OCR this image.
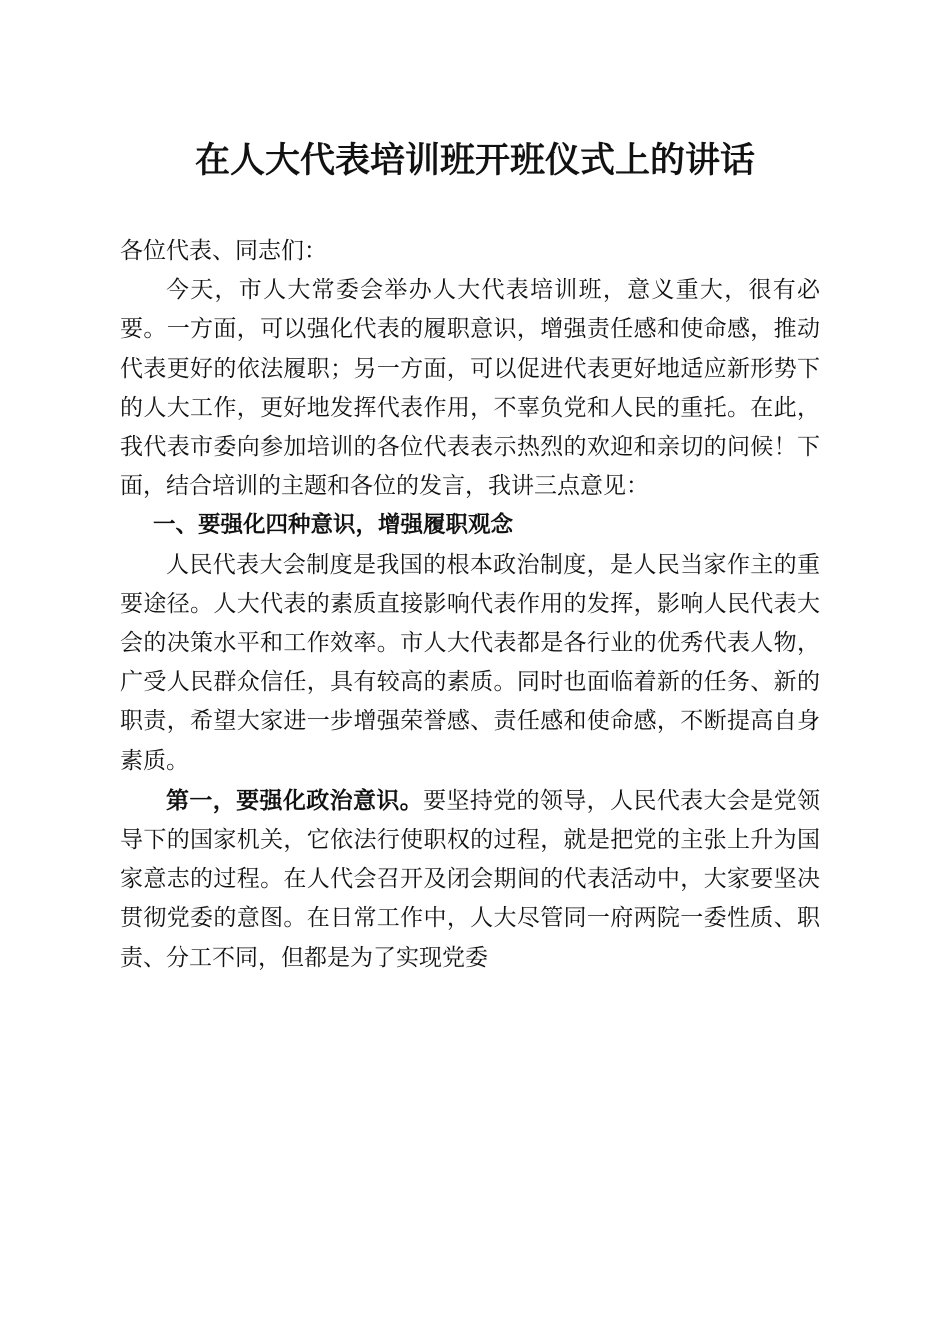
在人大代表培训班开班仪式上的讲话

各位代表、同志们：

今天，市人大常委会举办人大代表培训班，意义重大，很有必要。一方面，可以强化代表的履职意识，增强责任感和使命感，推动代表更好的依法履职；另一方面，可以促进代表更好地适应新形势下的人大工作，更好地发挥代表作用，不辜负党和人民的重托。在此，我代表市委向参加培训的各位代表表示热烈的欢迎和亲切的问候！下面，结合培训的主题和各位的发言，我讲三点意见：

一、要强化四种意识，增强履职观念

人民代表大会制度是我国的根本政治制度，是人民当家作主的重要途径。人大代表的素质直接影响代表作用的发挥，影响人民代表大会的决策水平和工作效率。市人大代表都是各行业的优秀代表人物，广受人民群众信任，具有较高的素质。同时也面临着新的任务、新的职责，希望大家进一步增强荣誉感、责任感和使命感，不断提高自身素质。

第一，要强化政治意识。要坚持党的领导，人民代表大会是党领导下的国家机关，它依法行使职权的过程，就是把党的主张上升为国家意志的过程。在人代会召开及闭会期间的代表活动中，大家要坚决贯彻党委的意图。在日常工作中，人大尽管同一府两院一委性质、职责、分工不同，但都是为了实现党委
